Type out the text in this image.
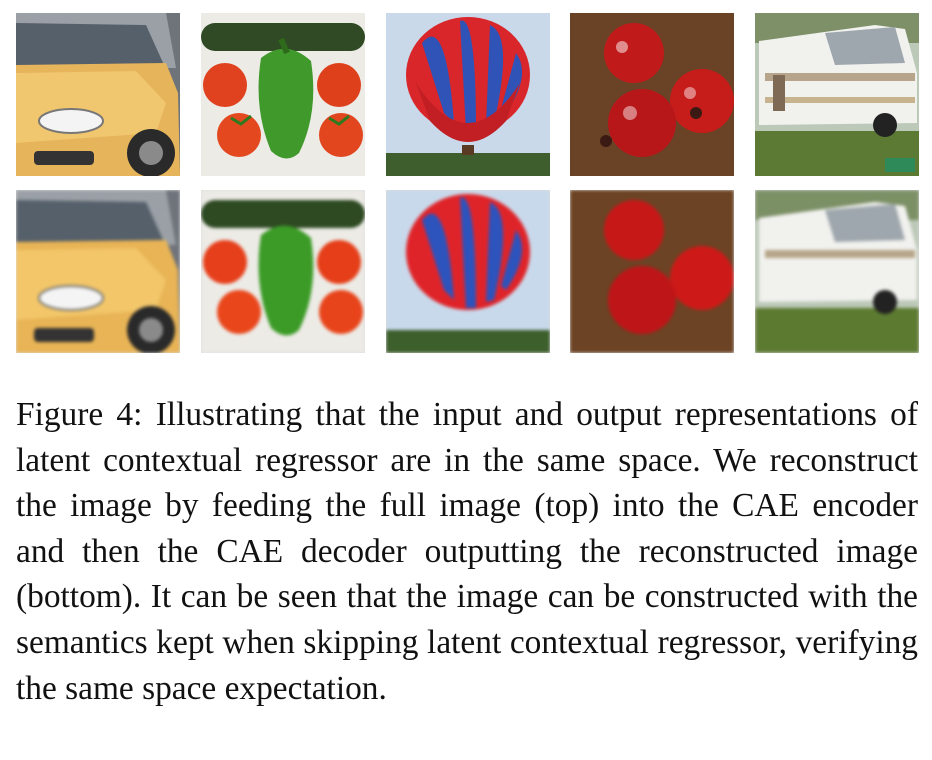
Figure 4: Illustrating that the input and output representations of latent contextual regressor are in the same space. We reconstruct the image by feeding the full image (top) into the CAE encoder and then the CAE decoder outputting the reconstructed image (bottom). It can be seen that the image can be constructed with the semantics kept when skipping latent contextual regressor, verifying the same space expectation.
